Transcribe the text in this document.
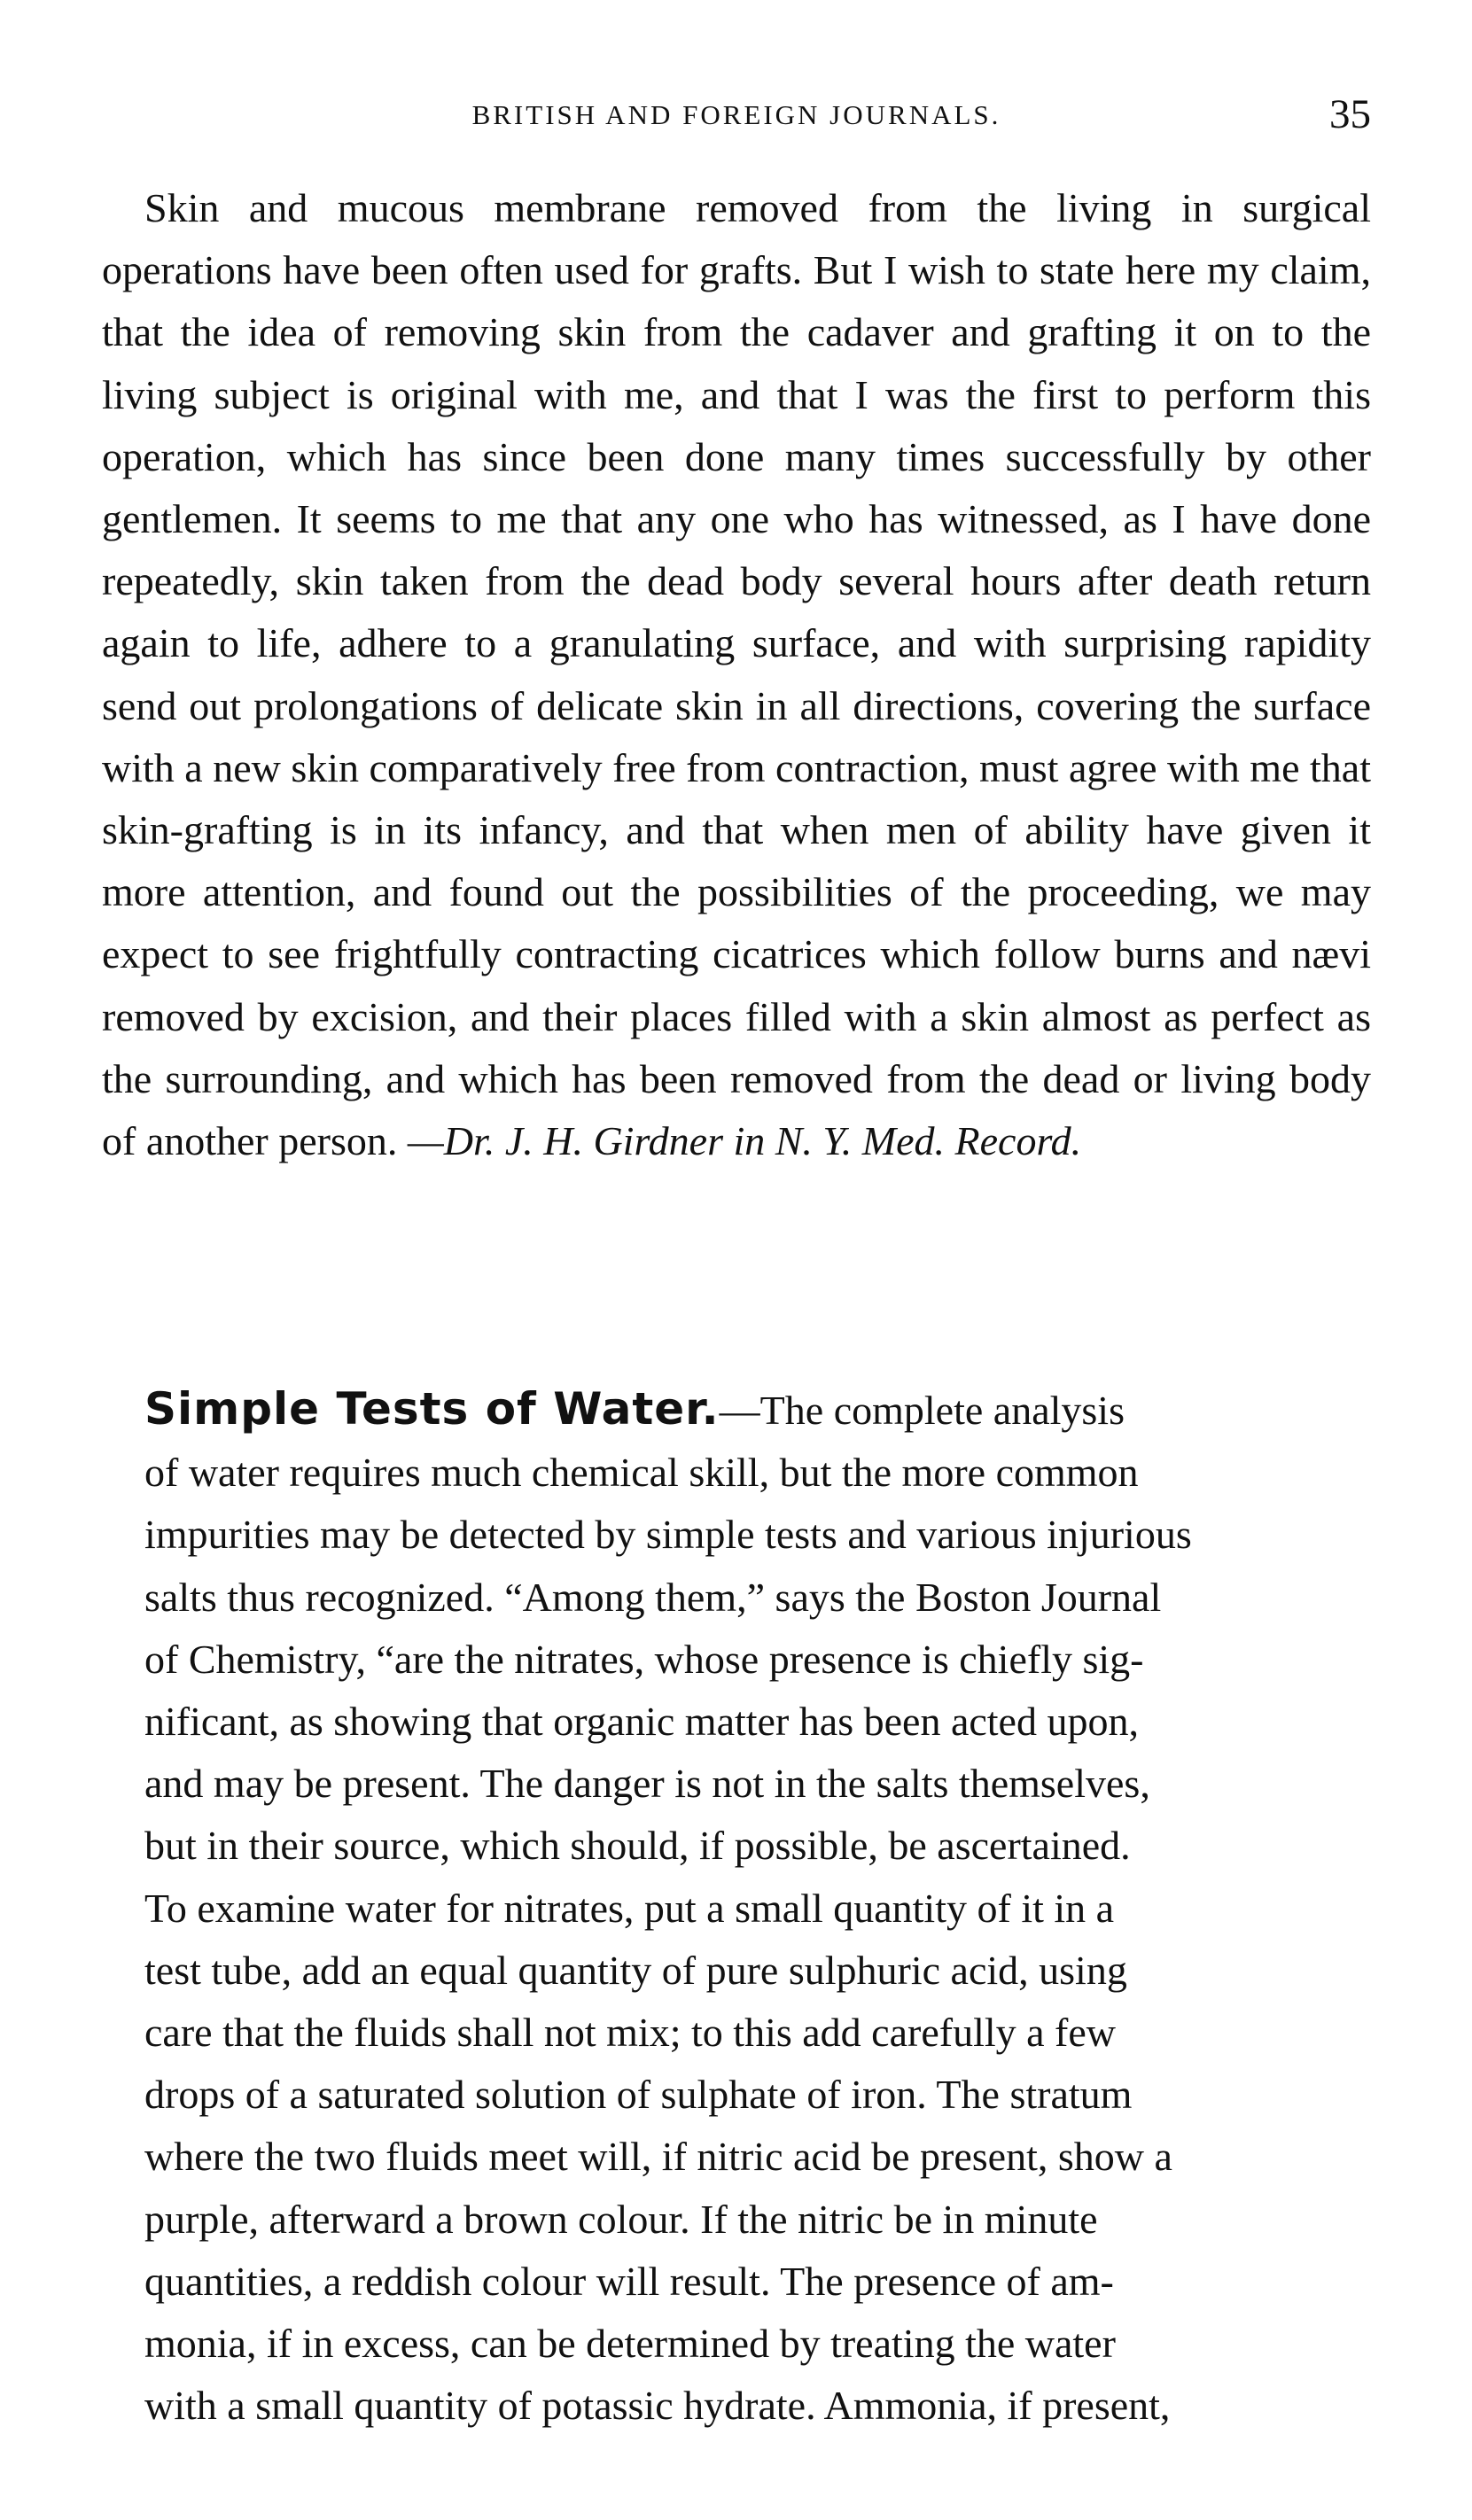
BRITISH AND FOREIGN JOURNALS.	35
Skin and mucous membrane removed from the living in surgical operations have been often used for grafts. But I wish to state here my claim, that the idea of removing skin from the cadaver and grafting it on to the living subject is original with me, and that I was the first to perform this operation, which has since been done many times successfully by other gentlemen. It seems to me that any one who has witnessed, as I have done repeatedly, skin taken from the dead body several hours after death return again to life, adhere to a granulating surface, and with surprising rapidity send out prolongations of delicate skin in all directions, covering the surface with a new skin comparatively free from contraction, must agree with me that skin-grafting is in its infancy, and that when men of ability have given it more attention, and found out the possibilities of the proceeding, we may expect to see frightfully contracting cicatrices which follow burns and nævi removed by excision, and their places filled with a skin almost as perfect as the surrounding, and which has been removed from the dead or living body of another person. —Dr. J. H. Girdner in N. Y. Med. Record.
Simple Tests of Water.—The complete analysis
of water requires much chemical skill, but the more common
impurities may be detected by simple tests and various injurious
salts thus recognized. “Among them,” says the Boston Journal
of Chemistry, “are the nitrates, whose presence is chiefly sig-
nificant, as showing that organic matter has been acted upon,
and may be present. The danger is not in the salts themselves,
but in their source, which should, if possible, be ascertained.
To examine water for nitrates, put a small quantity of it in a
test tube, add an equal quantity of pure sulphuric acid, using
care that the fluids shall not mix; to this add carefully a few
drops of a saturated solution of sulphate of iron. The stratum
where the two fluids meet will, if nitric acid be present, show a
purple, afterward a brown colour. If the nitric be in minute
quantities, a reddish colour will result. The presence of am-
monia, if in excess, can be determined by treating the water
with a small quantity of potassic hydrate. Ammonia, if present,
